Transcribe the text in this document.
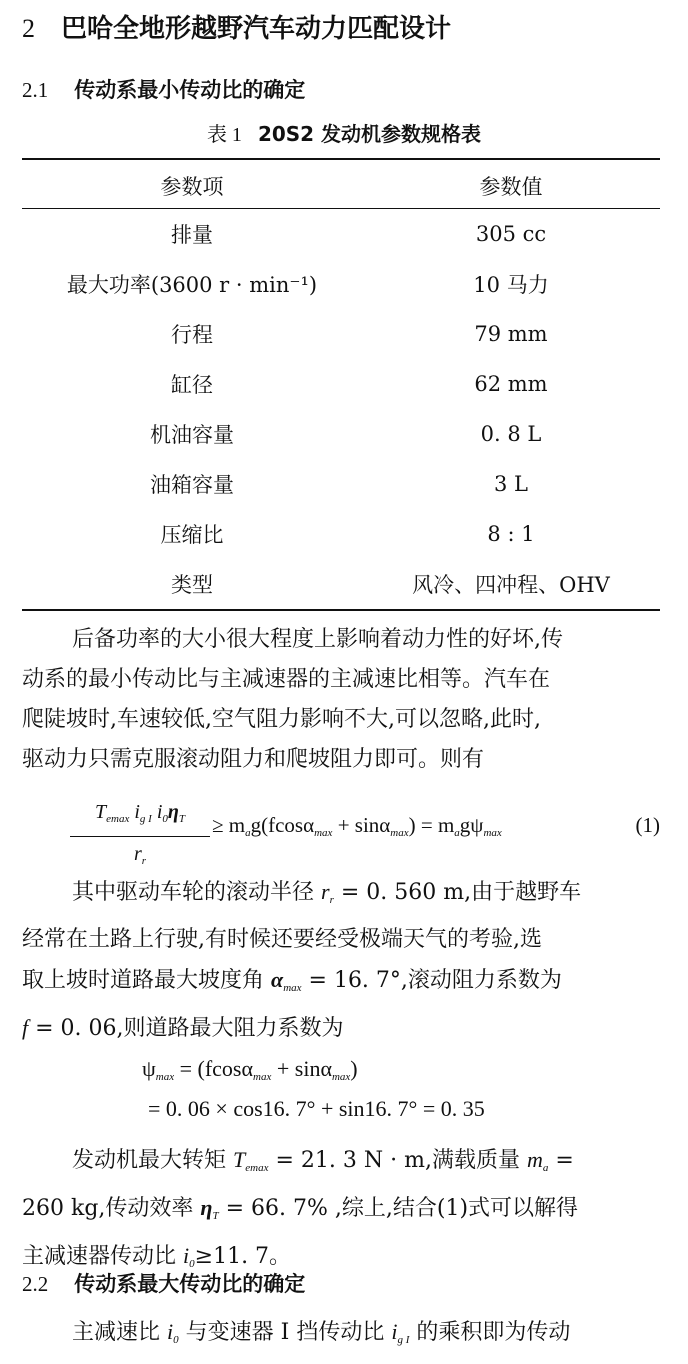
2 巴哈全地形越野汽车动力匹配设计
2.1 传动系最小传动比的确定

表 1 20S2 发动机参数规格表

参数项	参数值
排量	305 cc
最大功率(3600 r · min⁻¹)	10 马力
行程	79 mm
缸径	62 mm
机油容量	0. 8 L
油箱容量	3 L
压缩比	8 : 1
类型	风冷、四冲程、OHV
后备功率的大小很大程度上影响着动力性的好坏,传
动系的最小传动比与主减速器的主减速比相等。汽车在
爬陡坡时,车速较低,空气阻力影响不大,可以忽略,此时,
驱动力只需克服滚动阻力和爬坡阻力即可。则有
$T_{emax}$ $i_{g I}$ $i_0\eta_T$
$r_r$
≥ $m_ag(fcos\alpha_{max} + \sin\alpha_{max}) = m_ag\psi_{max}$	(1)
其中驱动车轮的滚动半径 $r_r = 0$. 560 m,由于越野车
经常在土路上行驶,有时候还要经受极端天气的考验,选
取上坡时道路最大坡度角 $\alpha_{max} = 16$. 7°,滚动阻力系数为
f = 0. 06,则道路最大阻力系数为
$\psi_{max} = (fcos\alpha_{max} + \sin\alpha_{max})$
= 0. 06 × cos16. 7° + sin16. 7° = 0. 35
发动机最大转矩 $T_{emax} = 21$. 3 N · m,满载质量 $m_a$ =
260 kg,传动效率 $\eta_T = 66$. 7% ,综上,结合(1)式可以解得
主减速器传动比 $i_0\ge 11$. 7。
2.2 传动系最大传动比的确定
主减速比 $i_0$ 与变速器 I 挡传动比 $i_{g I}$ 的乘积即为传动
